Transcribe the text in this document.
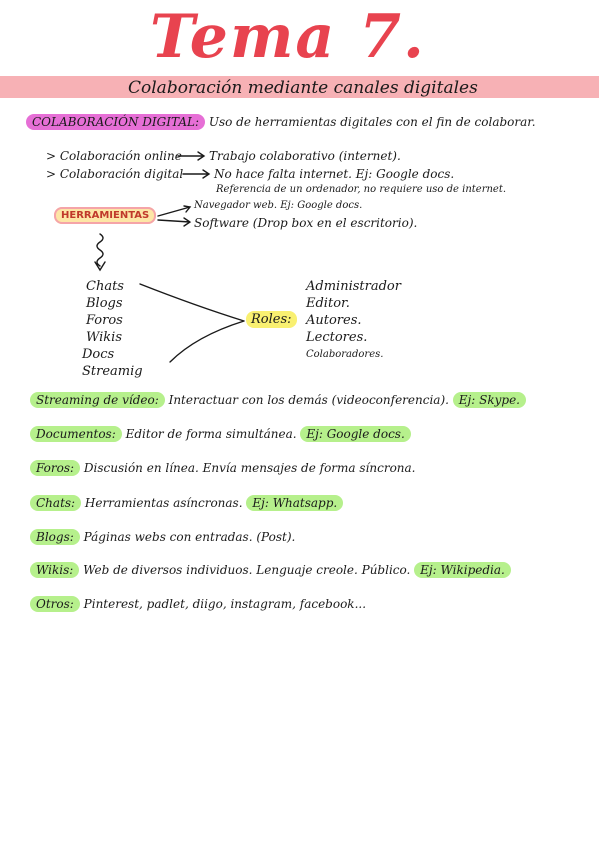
Tema 7.
Colaboración mediante canales digitales
COLABORACIÓN DIGITAL: Uso de herramientas digitales con el fin de colaborar.
> Colaboración online Trabajo colaborativo (internet).
> Colaboración digital	No hace falta internet. Ej: Google docs.
Referencia de un ordenador, no requiere uso de internet.
HERRAMIENTAS
Navegador web. Ej: Google docs.
Software (Drop box en el escritorio).
Chats
Blogs
Foros
Wikis
Docs
Streamig
Roles:
Administrador
Editor.
Autores.
Lectores.
Colaboradores.
Streaming de vídeo: Interactuar con los demás (videoconferencia). Ej: Skype.
Documentos: Editor de forma simultánea. Ej: Google docs.
Foros: Discusión en línea. Envía mensajes de forma síncrona.
Chats: Herramientas asíncronas. Ej: Whatsapp.
Blogs: Páginas webs con entradas. (Post).
Wikis: Web de diversos individuos. Lenguaje creole. Público. Ej: Wikipedia.
Otros: Pinterest, padlet, diigo, instagram, facebook...
